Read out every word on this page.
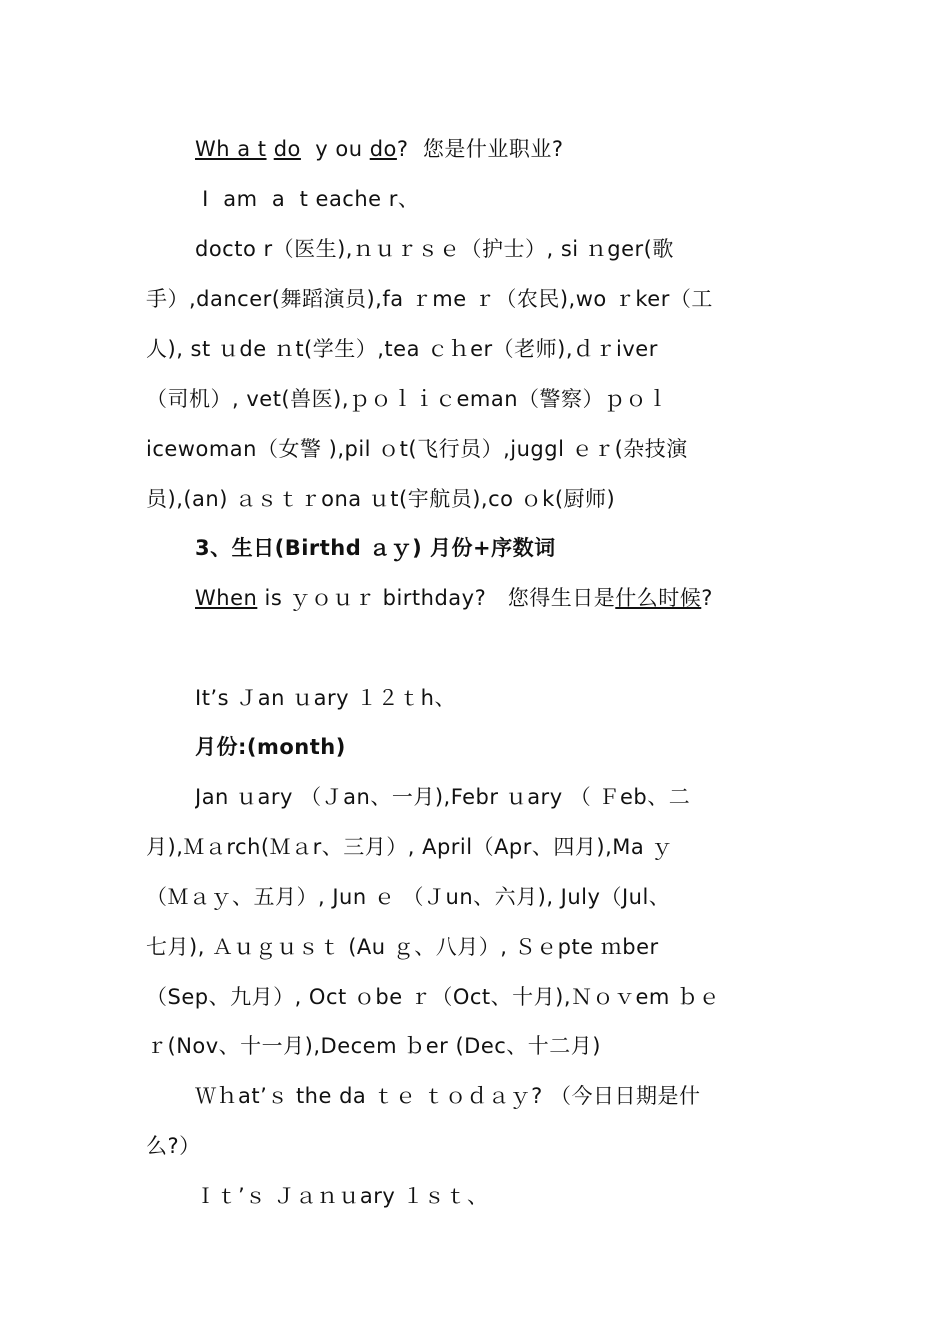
Wh a t do  y ou do?  您是什业职业?
I  am  a  t eache r、
docto r（医生),ｎｕｒｓｅ（护士）, si ｎger(歌
手）,dancer(舞蹈演员),fa ｒme ｒ（农民),wo ｒker（工
人), st ｕde ｎt(学生）,tea ｃｈer（老师),ｄｒiver
（司机）, vet(兽医),ｐｏｌｉｃeman（警察）ｐｏｌ
icewoman（女警 ),pil ｏt(飞行员）,juggl ｅｒ(杂技演
员),(an) ａｓｔｒona ｕt(宇航员),co ｏk(厨师)
3、生日(Birthd ａｙ) 月份+序数词
When is ｙｏｕｒ birthday?   您得生日是什么时候?
It’s Ｊan ｕary １２ｔh、
月份:(month)
Jan ｕary （Ｊan、一月),Febr ｕary （ Ｆeb、二
月),Ｍａrch(Ｍａr、三月）, April（Apr、四月),Ma ｙ
（Ｍａｙ、五月）, Jun ｅ （Ｊun、六月), July（Jul、
七月), Ａｕｇｕｓｔ (Au ｇ、八月）, Ｓｅpte ｍber
（Sep、九月）, Oct ｏbe ｒ（Oct、十月),Ｎｏｖem ｂｅ
ｒ(Nov、十一月),Decem ｂer (Dec、十二月)
Ｗｈat’ｓ the da ｔｅ ｔｏｄａｙ? （今日日期是什
么?）
Ｉｔ’ｓ Ｊａｎｕary １ｓｔ、
